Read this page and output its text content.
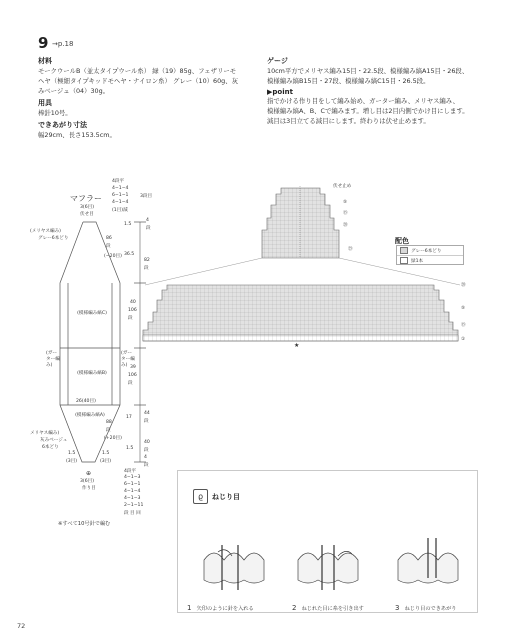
9 →p.18
材料
モークウールB（並太タイプウール糸） 緑（19）85g、フェザリーモ
ヘヤ（極細タイプキッドモヘヤ・ナイロン糸） グレー（10）60g、灰
みベージュ（04）30g。
用具
棒針10号。
できあがり寸法
幅29cm、長さ153.5cm。
ゲージ
10cm平方でメリヤス編み15目・22.5段、模様編み縞A15目・26段、
模様編み縞B15目・27段、模様編み縞C15目・26.5段。
▶point
指でかける作り目をして編み始め、ガーター編み、メリヤス編み、
模様編み縞A、B、Cで編みます。増し目は2目内側でかけ目にします。
減目は3目立てる減目にします。終わりは伏せ止めます。
⊕
マフラー
4段平
4−1−4
6−1−1
4−1−4
(1目)減
3段目
3(6目)
伏せ目
(メリヤス編み)
グレー6本どり
1.5
4
段
86
段
(−20目) 36.5
82
段
40
106
段
39
106
段
17
44
段
88
段
(+20目)
1.5
40
段
4
段
(模様編み縞C)
(模様編み縞B)
(模様編み縞A)
(ガーター編み)
(ガーター編み)
26(40目)
メリヤス編み)
灰みベージュ
6本どり
1.5
(3目)
1.5
(3目)
3(6目)
作り目
4段平
4−1−3
6−1−1
4−1−4
4−1−3
2−1−11
段 目 回
※すべて10号針で編む
伏せ止め
⑤
⑮
⑳
㉕
⑳
⑤
⑮
①
★
配色
グレー6本どり
緑1本
ϱ	ねじり目
1 矢印のように針を入れる	2 ねじれた目に糸を引き出す	3 ねじり目のできあがり
72
